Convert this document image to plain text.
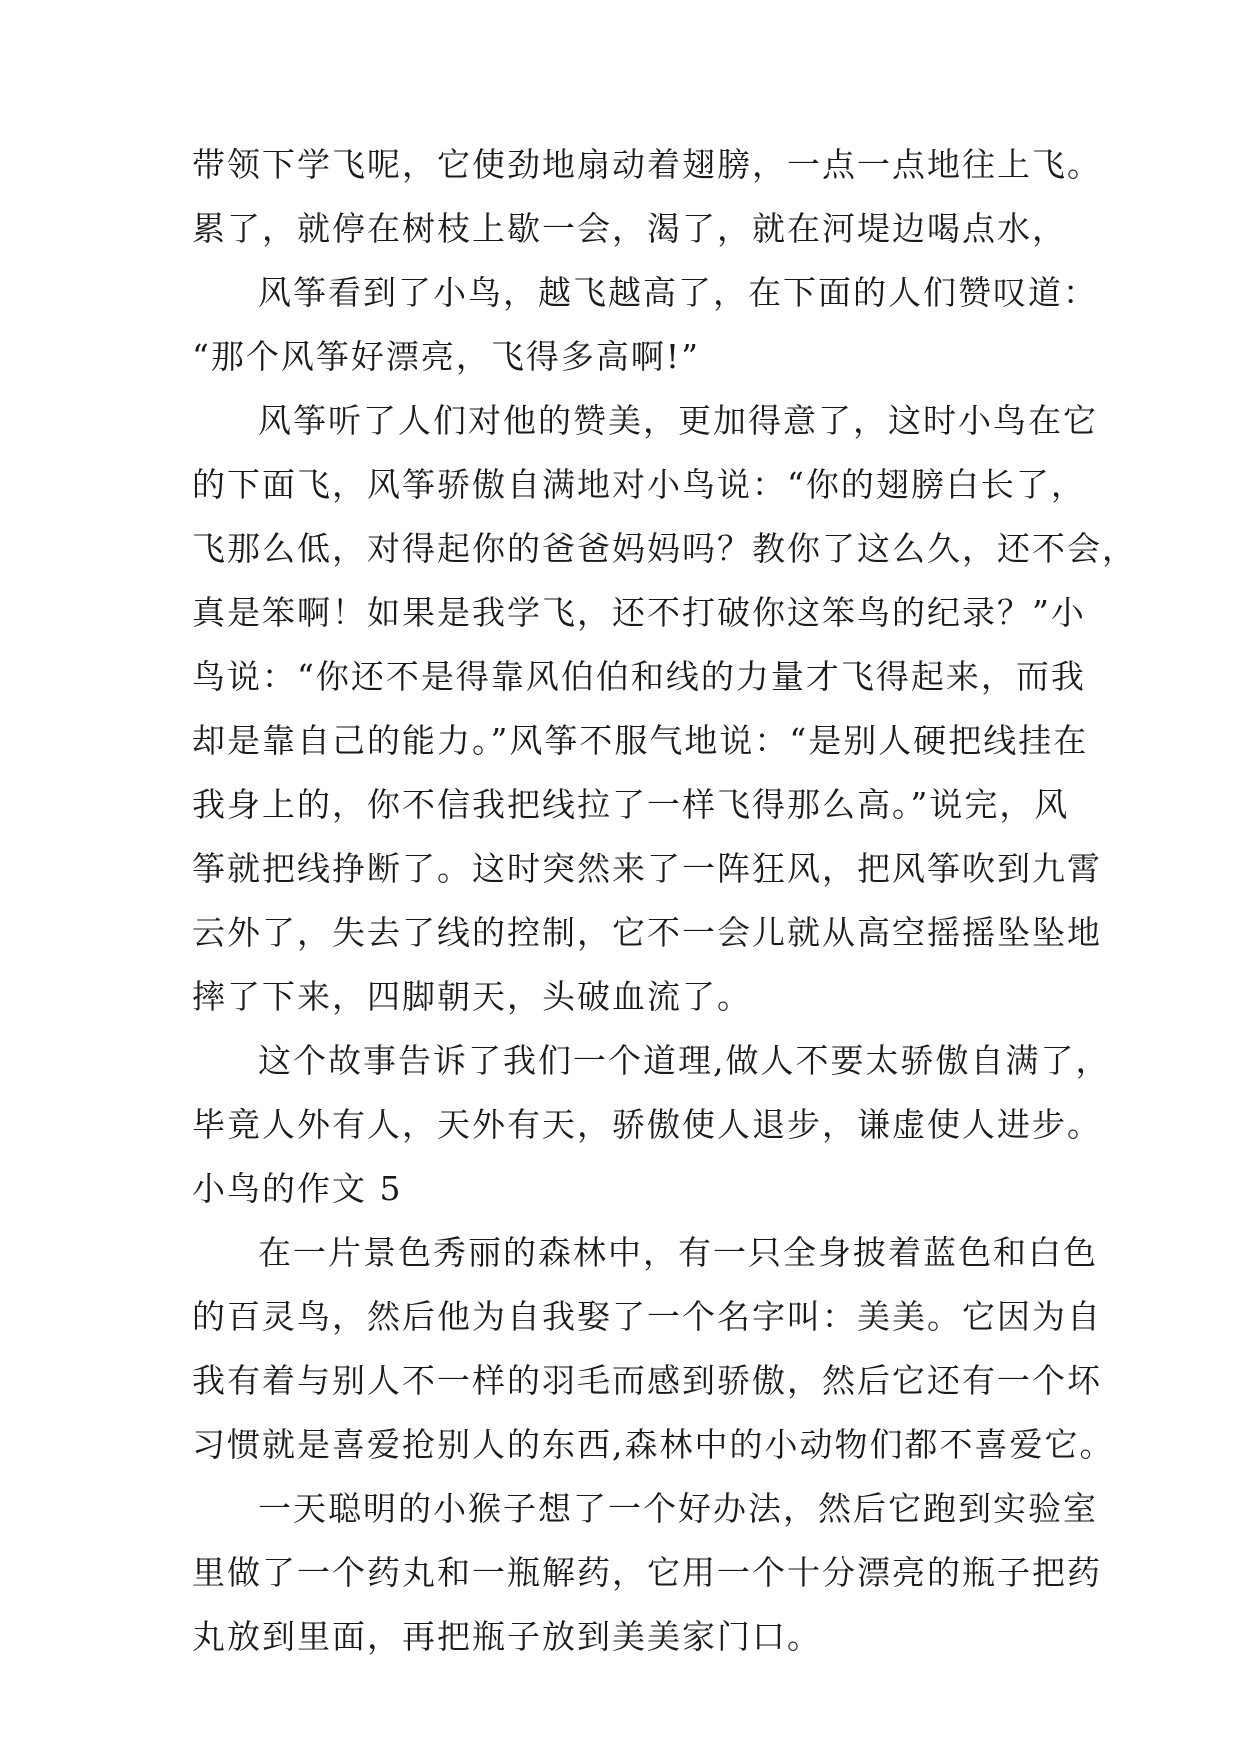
带领下学飞呢，它使劲地扇动着翅膀，一点一点地往上飞。
累了，就停在树枝上歇一会，渴了，就在河堤边喝点水，
风筝看到了小鸟，越飞越高了，在下面的人们赞叹道：
“那个风筝好漂亮，飞得多高啊!”
风筝听了人们对他的赞美，更加得意了，这时小鸟在它
的下面飞，风筝骄傲自满地对小鸟说：“你的翅膀白长了，
飞那么低，对得起你的爸爸妈妈吗？教你了这么久，还不会，
真是笨啊！如果是我学飞，还不打破你这笨鸟的纪录？”小
鸟说：“你还不是得靠风伯伯和线的力量才飞得起来，而我
却是靠自己的能力。”风筝不服气地说：“是别人硬把线挂在
我身上的，你不信我把线拉了一样飞得那么高。”说完，风
筝就把线挣断了。这时突然来了一阵狂风，把风筝吹到九霄
云外了，失去了线的控制，它不一会儿就从高空摇摇坠坠地
摔了下来，四脚朝天，头破血流了。
这个故事告诉了我们一个道理,做人不要太骄傲自满了，
毕竟人外有人，天外有天，骄傲使人退步，谦虚使人进步。
小鸟的作文 5
在一片景色秀丽的森林中，有一只全身披着蓝色和白色
的百灵鸟，然后他为自我娶了一个名字叫：美美。它因为自
我有着与别人不一样的羽毛而感到骄傲，然后它还有一个坏
习惯就是喜爱抢别人的东西,森林中的小动物们都不喜爱它。
一天聪明的小猴子想了一个好办法，然后它跑到实验室
里做了一个药丸和一瓶解药，它用一个十分漂亮的瓶子把药
丸放到里面，再把瓶子放到美美家门口。
